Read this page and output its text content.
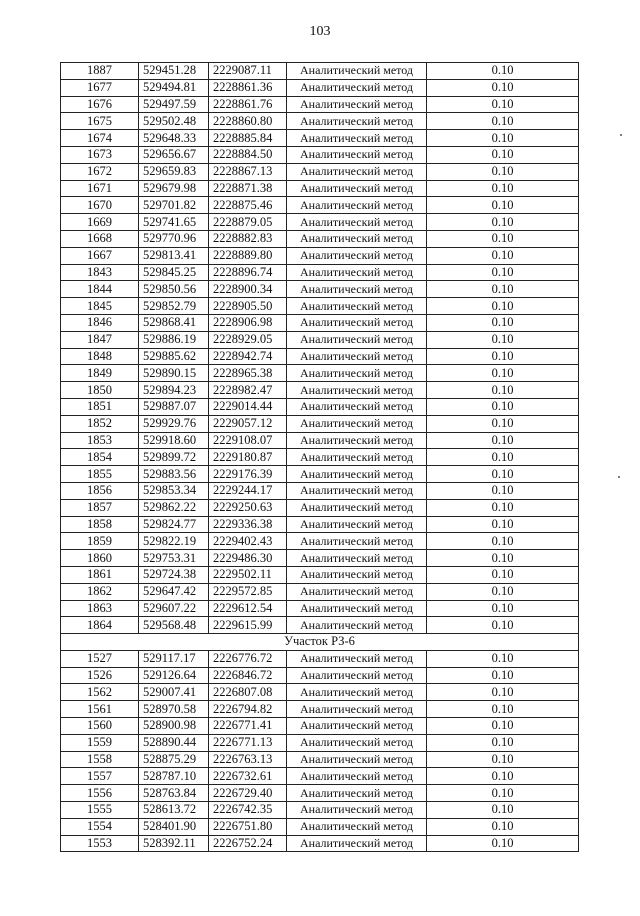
103
1887	529451.28	2229087.11	Аналитический метод	0.10
1677	529494.81	2228861.36	Аналитический метод	0.10
1676	529497.59	2228861.76	Аналитический метод	0.10
1675	529502.48	2228860.80	Аналитический метод	0.10
1674	529648.33	2228885.84	Аналитический метод	0.10
1673	529656.67	2228884.50	Аналитический метод	0.10
1672	529659.83	2228867.13	Аналитический метод	0.10
1671	529679.98	2228871.38	Аналитический метод	0.10
1670	529701.82	2228875.46	Аналитический метод	0.10
1669	529741.65	2228879.05	Аналитический метод	0.10
1668	529770.96	2228882.83	Аналитический метод	0.10
1667	529813.41	2228889.80	Аналитический метод	0.10
1843	529845.25	2228896.74	Аналитический метод	0.10
1844	529850.56	2228900.34	Аналитический метод	0.10
1845	529852.79	2228905.50	Аналитический метод	0.10
1846	529868.41	2228906.98	Аналитический метод	0.10
1847	529886.19	2228929.05	Аналитический метод	0.10
1848	529885.62	2228942.74	Аналитический метод	0.10
1849	529890.15	2228965.38	Аналитический метод	0.10
1850	529894.23	2228982.47	Аналитический метод	0.10
1851	529887.07	2229014.44	Аналитический метод	0.10
1852	529929.76	2229057.12	Аналитический метод	0.10
1853	529918.60	2229108.07	Аналитический метод	0.10
1854	529899.72	2229180.87	Аналитический метод	0.10
1855	529883.56	2229176.39	Аналитический метод	0.10
1856	529853.34	2229244.17	Аналитический метод	0.10
1857	529862.22	2229250.63	Аналитический метод	0.10
1858	529824.77	2229336.38	Аналитический метод	0.10
1859	529822.19	2229402.43	Аналитический метод	0.10
1860	529753.31	2229486.30	Аналитический метод	0.10
1861	529724.38	2229502.11	Аналитический метод	0.10
1862	529647.42	2229572.85	Аналитический метод	0.10
1863	529607.22	2229612.54	Аналитический метод	0.10
1864	529568.48	2229615.99	Аналитический метод	0.10
Участок РЗ-6				
1527	529117.17	2226776.72	Аналитический метод	0.10
1526	529126.64	2226846.72	Аналитический метод	0.10
1562	529007.41	2226807.08	Аналитический метод	0.10
1561	528970.58	2226794.82	Аналитический метод	0.10
1560	528900.98	2226771.41	Аналитический метод	0.10
1559	528890.44	2226771.13	Аналитический метод	0.10
1558	528875.29	2226763.13	Аналитический метод	0.10
1557	528787.10	2226732.61	Аналитический метод	0.10
1556	528763.84	2226729.40	Аналитический метод	0.10
1555	528613.72	2226742.35	Аналитический метод	0.10
1554	528401.90	2226751.80	Аналитический метод	0.10
1553	528392.11	2226752.24	Аналитический метод	0.10
